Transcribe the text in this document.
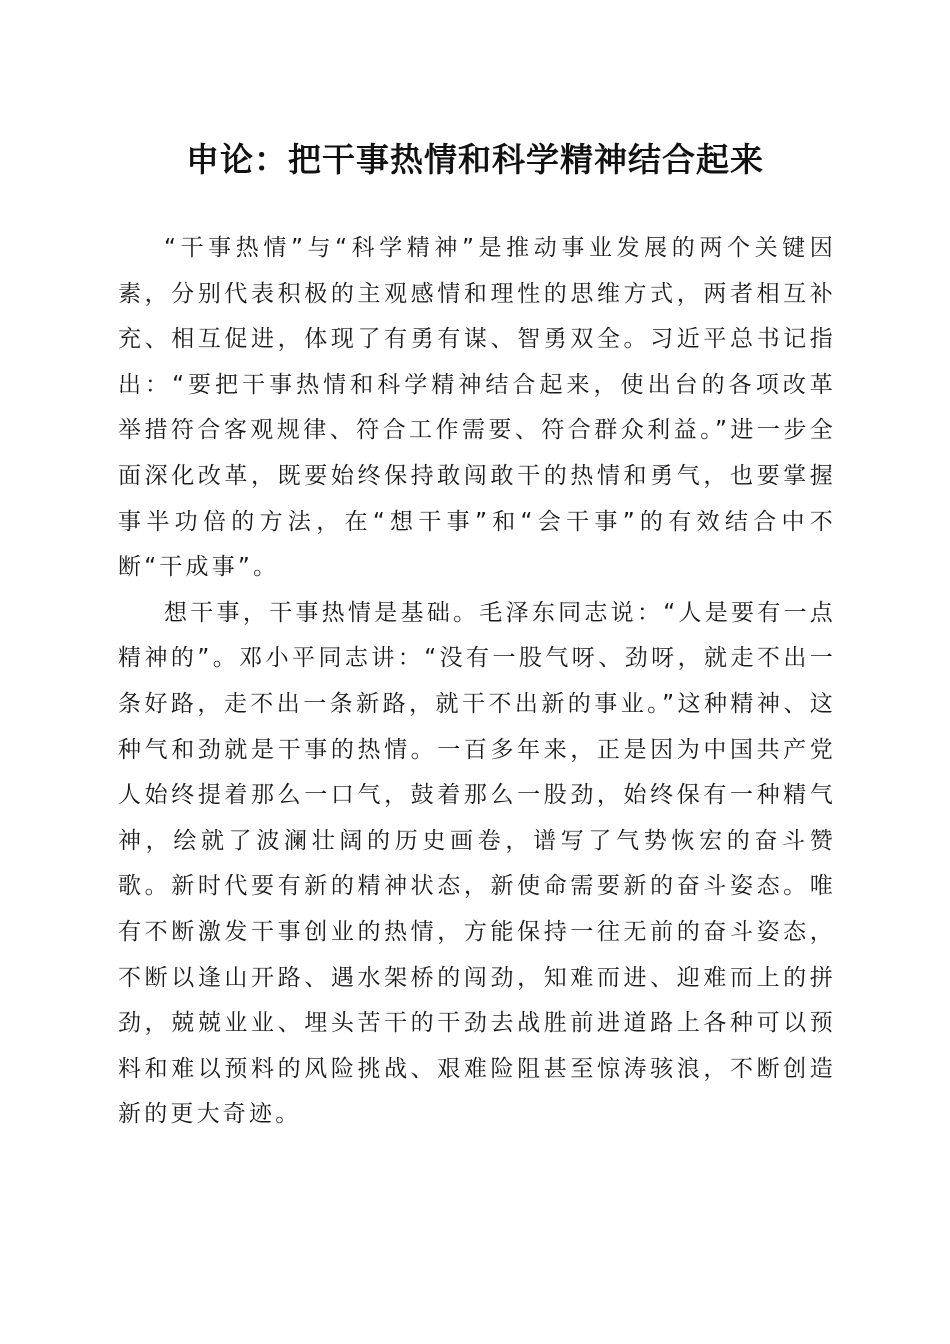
申论：把干事热情和科学精神结合起来

“干事热情”与“科学精神”是推动事业发展的两个关键因素，分别代表积极的主观感情和理性的思维方式，两者相互补充、相互促进，体现了有勇有谋、智勇双全。习近平总书记指出：“要把干事热情和科学精神结合起来，使出台的各项改革举措符合客观规律、符合工作需要、符合群众利益。”进一步全面深化改革，既要始终保持敢闯敢干的热情和勇气，也要掌握事半功倍的方法，在“想干事”和“会干事”的有效结合中不断“干成事”。

想干事，干事热情是基础。毛泽东同志说：“人是要有一点精神的”。邓小平同志讲：“没有一股气呀、劲呀，就走不出一条好路，走不出一条新路，就干不出新的事业。”这种精神、这种气和劲就是干事的热情。一百多年来，正是因为中国共产党人始终提着那么一口气，鼓着那么一股劲，始终保有一种精气神，绘就了波澜壮阔的历史画卷，谱写了气势恢宏的奋斗赞歌。新时代要有新的精神状态，新使命需要新的奋斗姿态。唯有不断激发干事创业的热情，方能保持一往无前的奋斗姿态，不断以逢山开路、遇水架桥的闯劲，知难而进、迎难而上的拼劲，兢兢业业、埋头苦干的干劲去战胜前进道路上各种可以预料和难以预料的风险挑战、艰难险阻甚至惊涛骇浪，不断创造新的更大奇迹。
